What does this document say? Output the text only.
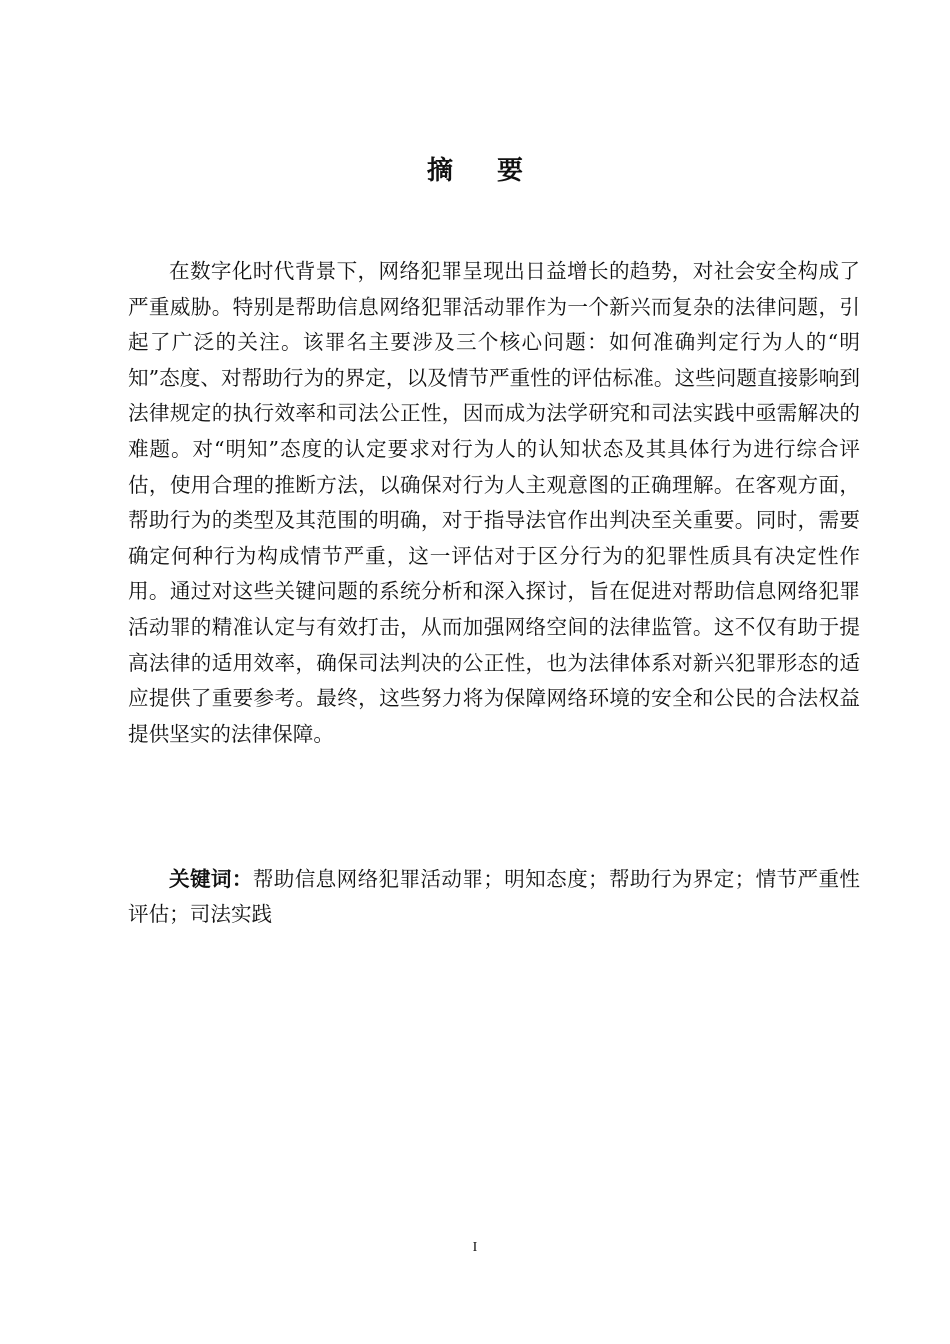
摘要

在数字化时代背景下，网络犯罪呈现出日益增长的趋势，对社会安全构成了严重威胁。特别是帮助信息网络犯罪活动罪作为一个新兴而复杂的法律问题，引起了广泛的关注。该罪名主要涉及三个核心问题：如何准确判定行为人的“明知”态度、对帮助行为的界定，以及情节严重性的评估标准。这些问题直接影响到法律规定的执行效率和司法公正性，因而成为法学研究和司法实践中亟需解决的难题。对“明知”态度的认定要求对行为人的认知状态及其具体行为进行综合评估，使用合理的推断方法，以确保对行为人主观意图的正确理解。在客观方面，帮助行为的类型及其范围的明确，对于指导法官作出判决至关重要。同时，需要确定何种行为构成情节严重，这一评估对于区分行为的犯罪性质具有决定性作用。通过对这些关键问题的系统分析和深入探讨，旨在促进对帮助信息网络犯罪活动罪的精准认定与有效打击，从而加强网络空间的法律监管。这不仅有助于提高法律的适用效率，确保司法判决的公正性，也为法律体系对新兴犯罪形态的适应提供了重要参考。最终，这些努力将为保障网络环境的安全和公民的合法权益提供坚实的法律保障。

关键词：帮助信息网络犯罪活动罪；明知态度；帮助行为界定；情节严重性评估；司法实践

I
